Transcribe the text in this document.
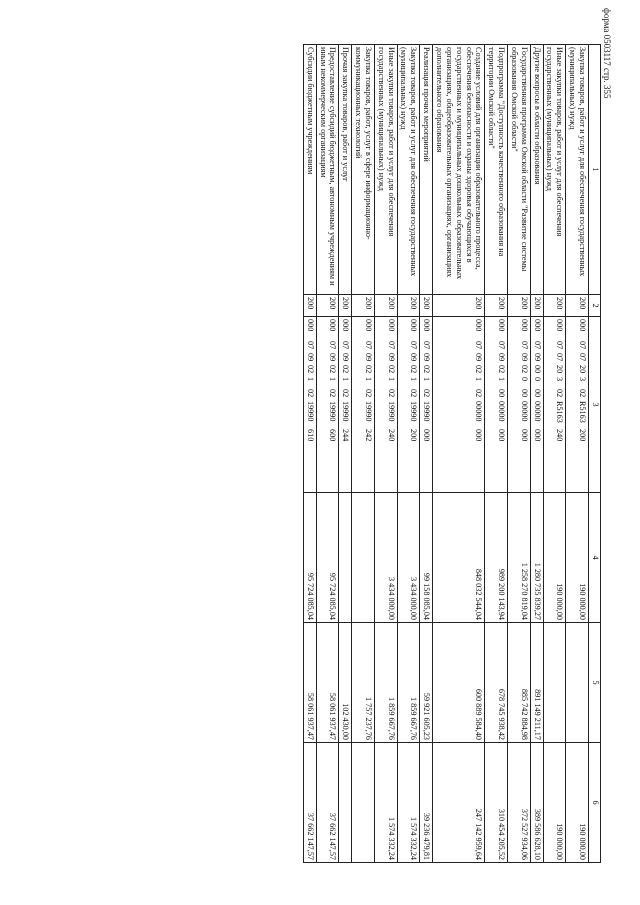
форма 0503117 стр. 355
1	2	3	4	5	6
Закупка товаров, работ и услуг для обеспечения государственных (муниципальных) нужд	200	000070720302R5163200	190 000,00		190 000,00
Иные закупки товаров, работ и услуг для обеспечения государственных (муниципальных) нужд	200	000070720302R5163240	190 000,00		190 000,00
Другие вопросы в области образования	200	00007090000000000000	1 280 735 839,27	891 149 211,17	389 586 628,10
Государственная программа Омской области "Развитие системы образования Омской области"	200	00007090200000000000	1 258 270 819,04	885 742 884,98	372 527 934,06
Подпрограмма "Доступность качественного образования на территории Омской области"	200	00007090210000000000	989 200 143,94	678 745 938,42	310 454 205,52
Создание условий для организации образовательного процесса, обеспечения безопасности и охраны здоровья обучающихся в государственных и муниципальных дошкольных образовательных организациях, общеобразовательных организациях, организациях дополнительного образования	200	00007090210200000000	848 032 544,04	600 889 584,40	247 142 959,64
Реализация прочих мероприятий	200	00007090210219990000	99 158 085,04	59 921 605,23	39 236 479,81
Закупка товаров, работ и услуг для обеспечения государственных (муниципальных) нужд	200	00007090210219990200	3 434 000,00	1 859 667,76	1 574 332,24
Иные закупки товаров, работ и услуг для обеспечения государственных (муниципальных) нужд	200	00007090210219990240	3 434 000,00	1 859 667,76	1 574 332,24
Закупка товаров, работ, услуг в сфере информационно-коммуникационных технологий	200	00007090210219990242		1 757 237,76	
Прочая закупка товаров, работ и услуг	200	00007090210219990244		102 430,00	
Предоставление субсидий бюджетным, автономным учреждениям и иным некоммерческим организациям	200	00007090210219990600	95 724 085,04	58 061 937,47	37 662 147,57
Субсидии бюджетным учреждениям	200	00007090210219990610	95 724 085,04	58 061 937,47	37 662 147,57
